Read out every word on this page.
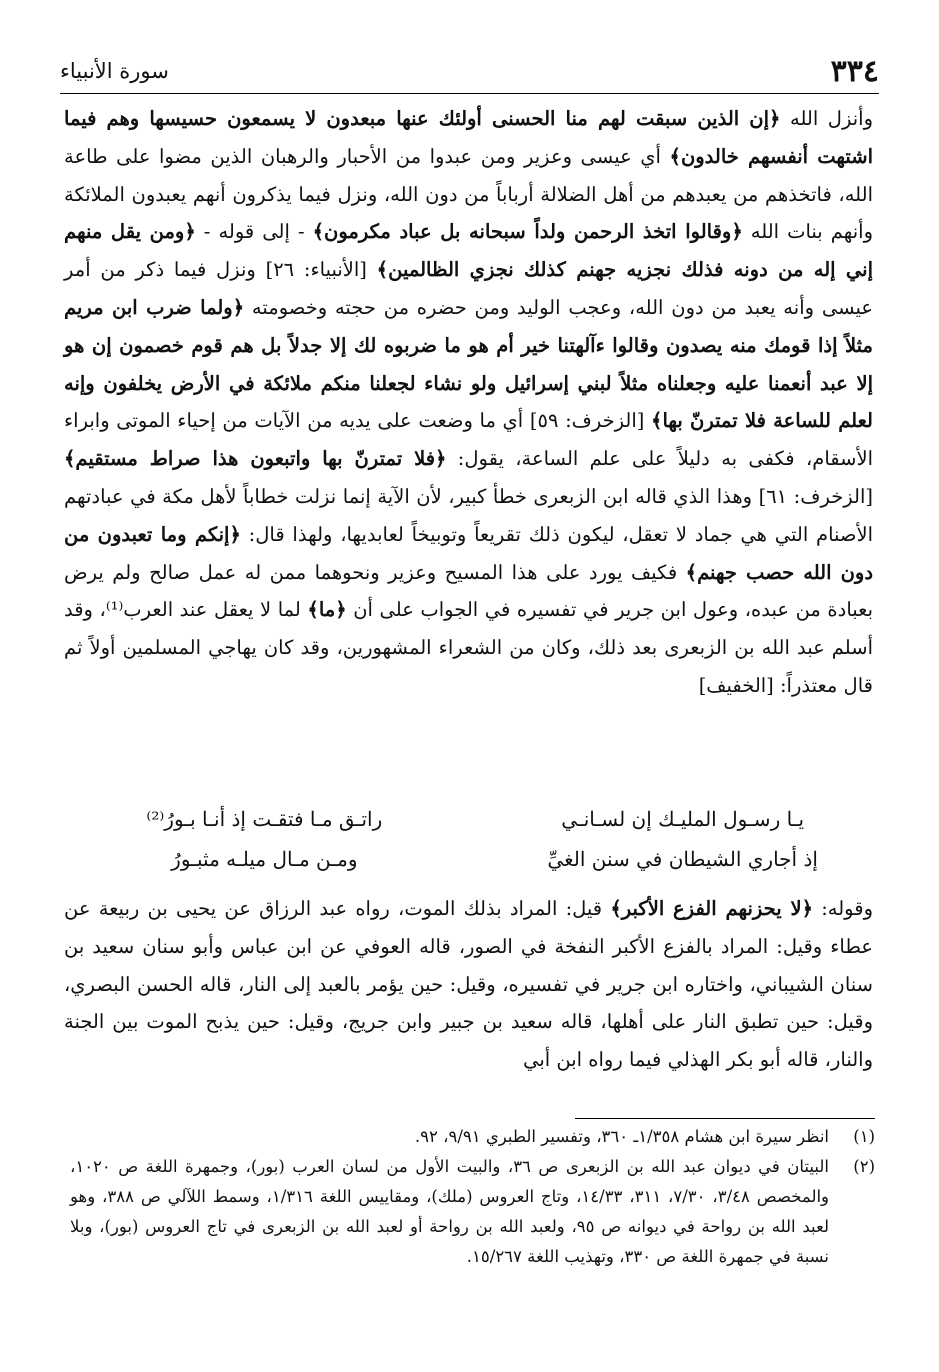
٣٣٤
سورة الأنبياء

وأنزل الله ﴿إن الذين سبقت لهم منا الحسنى أولئك عنها مبعدون لا يسمعون حسيسها وهم فيما اشتهت أنفسهم خالدون﴾ أي عيسى وعزير ومن عبدوا من الأحبار والرهبان الذين مضوا على طاعة الله، فاتخذهم من يعبدهم من أهل الضلالة أرباباً من دون الله، ونزل فيما يذكرون أنهم يعبدون الملائكة وأنهم بنات الله ﴿وقالوا اتخذ الرحمن ولداً سبحانه بل عباد مكرمون﴾ - إلى قوله - ﴿ومن يقل منهم إني إله من دونه فذلك نجزيه جهنم كذلك نجزي الظالمين﴾ [الأنبياء: ٢٦] ونزل فيما ذكر من أمر عيسى وأنه يعبد من دون الله، وعجب الوليد ومن حضره من حجته وخصومته ﴿ولما ضرب ابن مريم مثلاً إذا قومك منه يصدون وقالوا ءآلهتنا خير أم هو ما ضربوه لك إلا جدلاً بل هم قوم خصمون إن هو إلا عبد أنعمنا عليه وجعلناه مثلاً لبني إسرائيل ولو نشاء لجعلنا منكم ملائكة في الأرض يخلفون وإنه لعلم للساعة فلا تمترنّ بها﴾ [الزخرف: ٥٩] أي ما وضعت على يديه من الآيات من إحياء الموتى وابراء الأسقام، فكفى به دليلاً على علم الساعة، يقول: ﴿فلا تمترنّ بها واتبعون هذا صراط مستقيم﴾ [الزخرف: ٦١] وهذا الذي قاله ابن الزبعرى خطأ كبير، لأن الآية إنما نزلت خطاباً لأهل مكة في عبادتهم الأصنام التي هي جماد لا تعقل، ليكون ذلك تقريعاً وتوبيخاً لعابديها، ولهذا قال: ﴿إنكم وما تعبدون من دون الله حصب جهنم﴾ فكيف يورد على هذا المسيح وعزير ونحوهما ممن له عمل صالح ولم يرض بعبادة من عبده، وعول ابن جرير في تفسيره في الجواب على أن ﴿ما﴾ لما لا يعقل عند العرب⁽¹⁾، وقد أسلم عبد الله بن الزبعرى بعد ذلك، وكان من الشعراء المشهورين، وقد كان يهاجي المسلمين أولاً ثم قال معتذراً: [الخفيف]

يـا رسـول المليـك إن لسـانـي
راتـق مـا فتقـت إذ أنـا بـورُ⁽²⁾
إذ أجاري الشيطان في سنن الغيِّ
ومـن مـال ميلـه مثبـورُ

وقوله: ﴿لا يحزنهم الفزع الأكبر﴾ قيل: المراد بذلك الموت، رواه عبد الرزاق عن يحيى بن ربيعة عن عطاء وقيل: المراد بالفزع الأكبر النفخة في الصور، قاله العوفي عن ابن عباس وأبو سنان سعيد بن سنان الشيباني، واختاره ابن جرير في تفسيره، وقيل: حين يؤمر بالعبد إلى النار، قاله الحسن البصري، وقيل: حين تطبق النار على أهلها، قاله سعيد بن جبير وابن جريج، وقيل: حين يذبح الموت بين الجنة والنار، قاله أبو بكر الهذلي فيما رواه ابن أبي

(١)
انظر سيرة ابن هشام ١/٣٥٨ـ ٣٦٠، وتفسير الطبري ٩/٩١، ٩٢.
(٢)
البيتان في ديوان عبد الله بن الزبعرى ص ٣٦، والبيت الأول من لسان العرب (بور)، وجمهرة اللغة ص ١٠٢٠، والمخصص ٣/٤٨، ٧/٣٠، ٣١١، ١٤/٣٣، وتاج العروس (ملك)، ومقاييس اللغة ١/٣١٦، وسمط اللآلي ص ٣٨٨، وهو لعبد الله بن رواحة في ديوانه ص ٩٥، ولعبد الله بن رواحة أو لعبد الله بن الزبعرى في تاج العروس (بور)، وبلا نسبة في جمهرة اللغة ص ٣٣٠، وتهذيب اللغة ١٥/٢٦٧.
